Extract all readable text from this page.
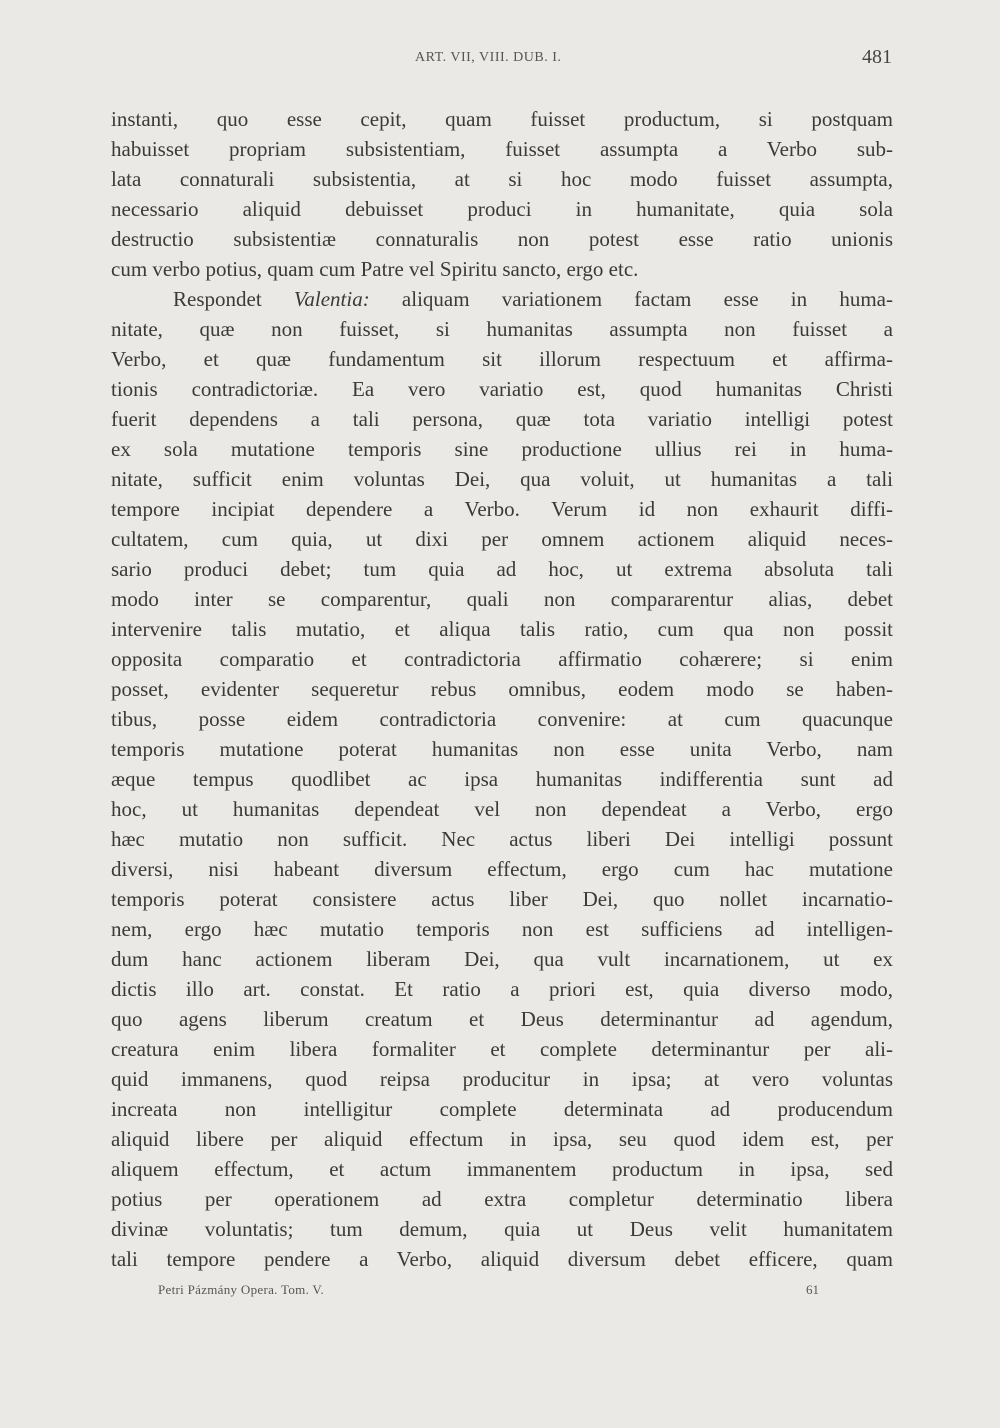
ART. VII, VIII. DUB. I.	481
instanti, quo esse cepit, quam fuisset productum, si postquam
habuisset propriam subsistentiam, fuisset assumpta a Verbo sub-
lata connaturali subsistentia, at si hoc modo fuisset assumpta,
necessario aliquid debuisset produci in humanitate, quia sola
destructio subsistentiæ connaturalis non potest esse ratio unionis
cum verbo potius, quam cum Patre vel Spiritu sancto, ergo etc.
Respondet Valentia: aliquam variationem factam esse in huma-
nitate, quæ non fuisset, si humanitas assumpta non fuisset a
Verbo, et quæ fundamentum sit illorum respectuum et affirma-
tionis contradictoriæ. Ea vero variatio est, quod humanitas Christi
fuerit dependens a tali persona, quæ tota variatio intelligi potest
ex sola mutatione temporis sine productione ullius rei in huma-
nitate, sufficit enim voluntas Dei, qua voluit, ut humanitas a tali
tempore incipiat dependere a Verbo. Verum id non exhaurit diffi-
cultatem, cum quia, ut dixi per omnem actionem aliquid neces-
sario produci debet; tum quia ad hoc, ut extrema absoluta tali
modo inter se comparentur, quali non compararentur alias, debet
intervenire talis mutatio, et aliqua talis ratio, cum qua non possit
opposita comparatio et contradictoria affirmatio cohærere; si enim
posset, evidenter sequeretur rebus omnibus, eodem modo se haben-
tibus, posse eidem contradictoria convenire: at cum quacunque
temporis mutatione poterat humanitas non esse unita Verbo, nam
æque tempus quodlibet ac ipsa humanitas indifferentia sunt ad
hoc, ut humanitas dependeat vel non dependeat a Verbo, ergo
hæc mutatio non sufficit. Nec actus liberi Dei intelligi possunt
diversi, nisi habeant diversum effectum, ergo cum hac mutatione
temporis poterat consistere actus liber Dei, quo nollet incarnatio-
nem, ergo hæc mutatio temporis non est sufficiens ad intelligen-
dum hanc actionem liberam Dei, qua vult incarnationem, ut ex
dictis illo art. constat. Et ratio a priori est, quia diverso modo,
quo agens liberum creatum et Deus determinantur ad agendum,
creatura enim libera formaliter et complete determinantur per ali-
quid immanens, quod reipsa producitur in ipsa; at vero voluntas
increata non intelligitur complete determinata ad producendum
aliquid libere per aliquid effectum in ipsa, seu quod idem est, per
aliquem effectum, et actum immanentem productum in ipsa, sed
potius per operationem ad extra completur determinatio libera
divinæ voluntatis; tum demum, quia ut Deus velit humanitatem
tali tempore pendere a Verbo, aliquid diversum debet efficere, quam
Petri Pázmány Opera. Tom. V.	61
